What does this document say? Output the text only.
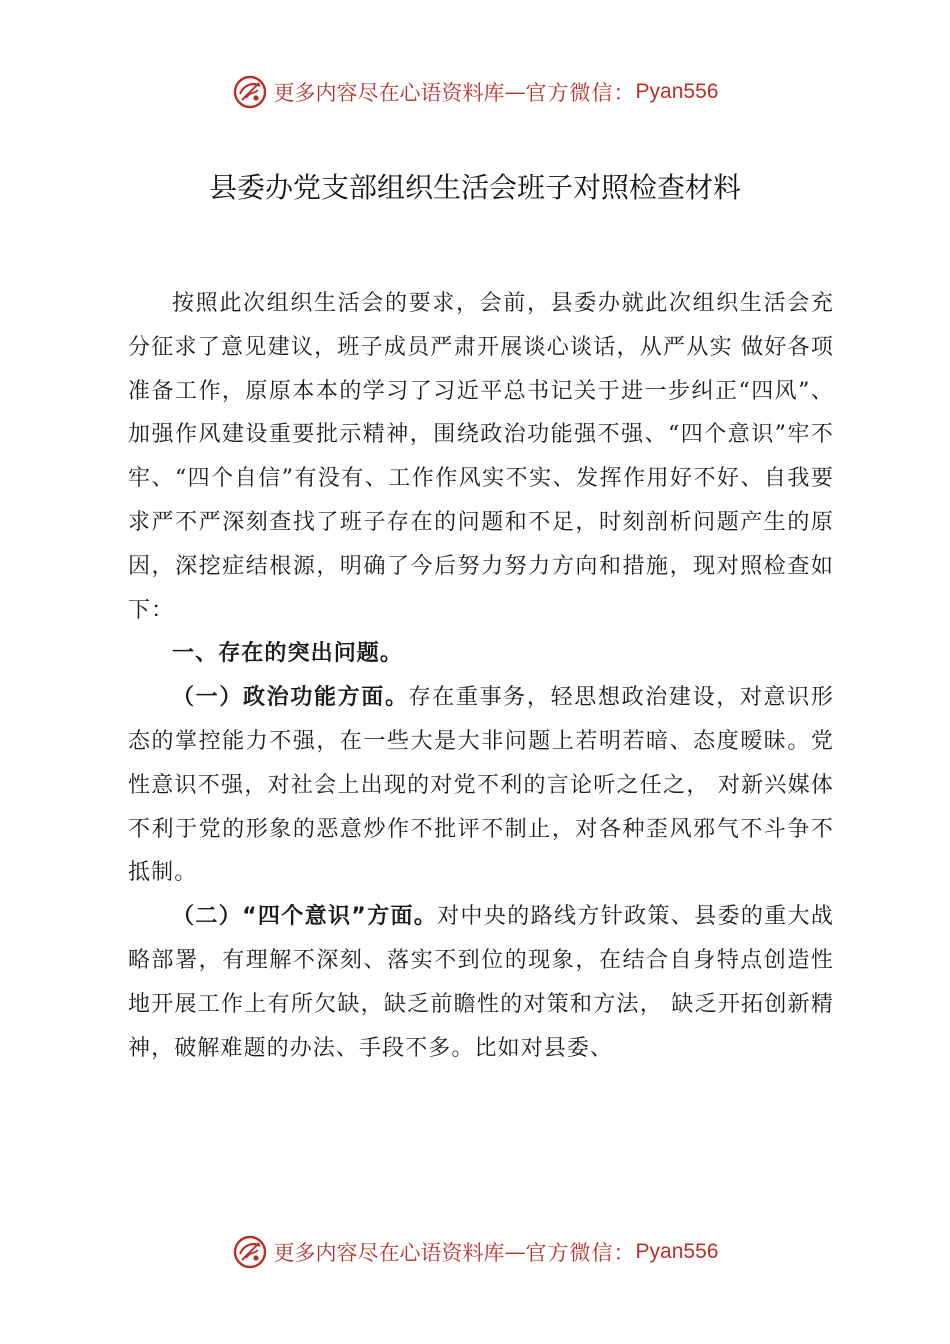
更多内容尽在心语资料库 — 官方微信： Pyan556
县委办党支部组织生活会班子对照检查材料

按照此次组织生活会的要求，会前，县委办就此次组织生活会充分征求了意见建议，班子成员严肃开展谈心谈话，从严从实 做好各项准备工作，原原本本的学习了习近平总书记关于进一步纠正“四风”、加强作风建设重要批示精神，围绕政治功能强不强、“四个意识”牢不牢、“四个自信”有没有、工作作风实不实、发挥作用好不好、自我要求严不严深刻查找了班子存在的问题和不足，时刻剖析问题产生的原因，深挖症结根源，明确了今后努力努力方向和措施，现对照检查如下：

一、存在的突出问题。

（一）政治功能方面。存在重事务，轻思想政治建设，对意识形态的掌控能力不强，在一些大是大非问题上若明若暗、态度暧昧。党性意识不强，对社会上出现的对党不利的言论听之任之， 对新兴媒体不利于党的形象的恶意炒作不批评不制止，对各种歪风邪气不斗争不抵制。

（二）“四个意识”方面。对中央的路线方针政策、县委的重大战略部署，有理解不深刻、落实不到位的现象，在结合自身特点创造性地开展工作上有所欠缺，缺乏前瞻性的对策和方法， 缺乏开拓创新精神，破解难题的办法、手段不多。比如对县委、

更多内容尽在心语资料库 — 官方微信： Pyan556
